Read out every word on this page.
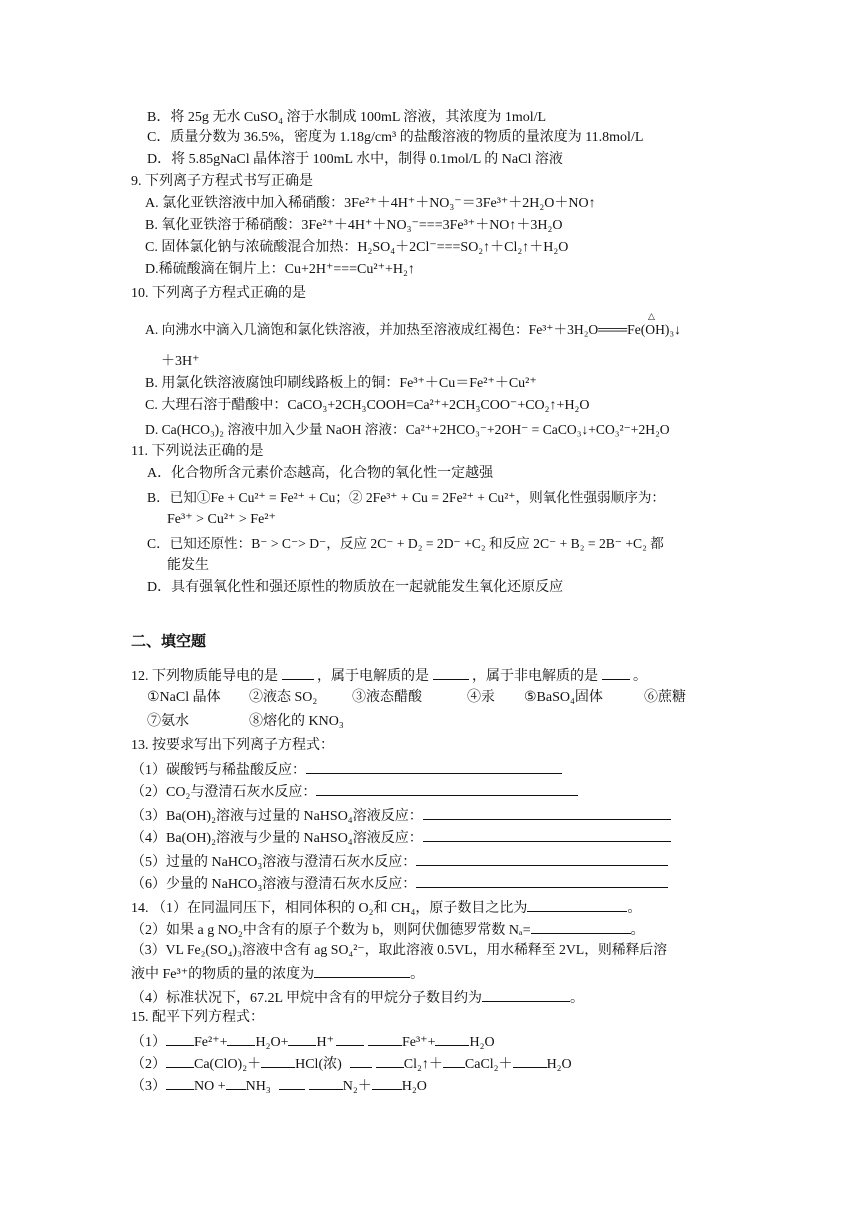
B．将 25g 无水 CuSO₄ 溶于水制成 100mL 溶液，其浓度为 1mol/L
C．质量分数为 36.5%，密度为 1.18g/cm³ 的盐酸溶液的物质的量浓度为 11.8mol/L
D．将 5.85gNaCl 晶体溶于 100mL 水中，制得 0.1mol/L 的 NaCl 溶液
9. 下列离子方程式书写正确是
A. 氯化亚铁溶液中加入稀硝酸：3Fe²⁺＋4H⁺＋NO₃⁻＝3Fe³⁺＋2H₂O＋NO↑
B. 氧化亚铁溶于稀硝酸：3Fe²⁺＋4H⁺＋NO₃⁻===3Fe³⁺＋NO↑＋3H₂O
C. 固体氯化钠与浓硫酸混合加热：H₂SO₄＋2Cl⁻===SO₂↑＋Cl₂↑＋H₂O
D.稀硫酸滴在铜片上：Cu+2H⁺===Cu²⁺+H₂↑
10. 下列离子方程式正确的是
△
A. 向沸水中滴入几滴饱和氯化铁溶液，并加热至溶液成红褐色：Fe³⁺＋3H₂O═══Fe(OH)₃↓
＋3H⁺
B. 用氯化铁溶液腐蚀印刷线路板上的铜：Fe³⁺＋Cu＝Fe²⁺＋Cu²⁺
C. 大理石溶于醋酸中：CaCO₃+2CH₃COOH=Ca²⁺+2CH₃COO⁻+CO₂↑+H₂O
D. Ca(HCO₃)₂ 溶液中加入少量 NaOH 溶液：Ca²⁺+2HCO₃⁻+2OH⁻ = CaCO₃↓+CO₃²⁻+2H₂O
11. 下列说法正确的是
A．化合物所含元素价态越高，化合物的氧化性一定越强
B．已知①Fe + Cu²⁺ = Fe²⁺ + Cu；② 2Fe³⁺ + Cu = 2Fe²⁺ + Cu²⁺，则氧化性强弱顺序为：
Fe³⁺ > Cu²⁺ > Fe²⁺
C．已知还原性：B⁻ > C⁻> D⁻，反应 2C⁻ + D₂ = 2D⁻ +C₂ 和反应 2C⁻ + B₂ = 2B⁻ +C₂ 都
能发生
D．具有强氧化性和强还原性的物质放在一起就能发生氧化还原反应
二、填空题
12. 下列物质能导电的是	，属于电解质的是	，属于非电解质的是	。
①NaCl 晶体 ②液态 SO₂ ③液态醋酸	④汞 ⑤BaSO₄固体	⑥蔗糖
⑦氨水	⑧熔化的 KNO₃
13. 按要求写出下列离子方程式：
（1）碳酸钙与稀盐酸反应：
（2）CO₂与澄清石灰水反应：
（3）Ba(OH)₂溶液与过量的 NaHSO₄溶液反应：
（4）Ba(OH)₂溶液与少量的 NaHSO₄溶液反应：
（5）过量的 NaHCO₃溶液与澄清石灰水反应：
（6）少量的 NaHCO₃溶液与澄清石灰水反应：
14. （1）在同温同压下，相同体积的 O₂和 CH₄，原子数目之比为	。
（2）如果 a g NO₂中含有的原子个数为 b，则阿伏伽德罗常数 Nₐ=	。
（3）VL Fe₂(SO₄)₃溶液中含有 ag SO₄²⁻，取此溶液 0.5VL，用水稀释至 2VL，则稀释后溶
液中 Fe³⁺的物质的量的浓度为	。
（4）标准状况下，67.2L 甲烷中含有的甲烷分子数目约为	。
15. 配平下列方程式：
（1） Fe²⁺+ H₂O+ H⁺	Fe³⁺+ H₂O
（2） Ca(ClO)₂＋ HCl(浓)	Cl₂↑＋ CaCl₂＋ H₂O
（3） NO + NH₃	N₂＋ H₂O
